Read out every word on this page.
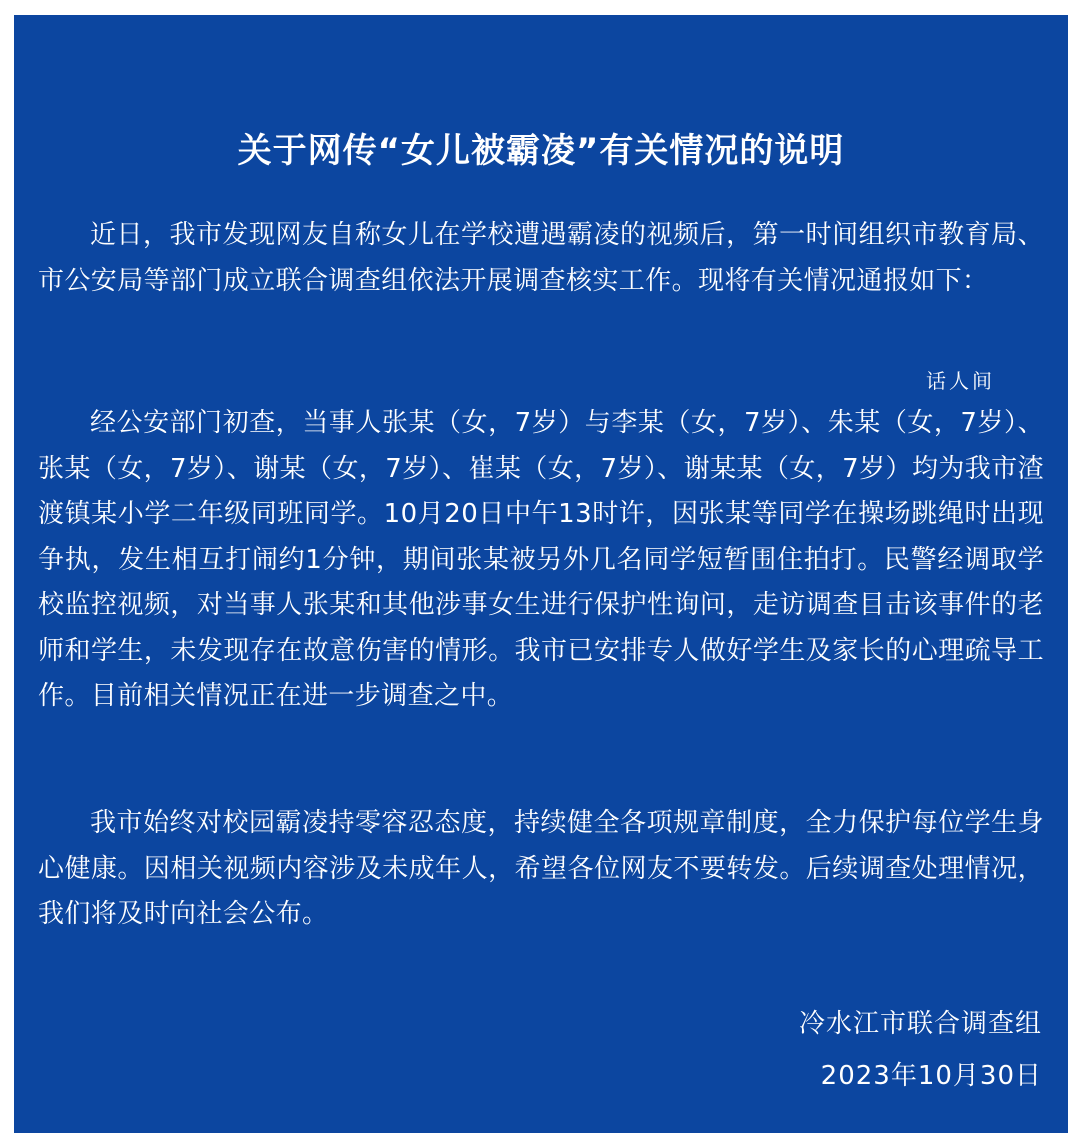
关于网传“女儿被霸凌”有关情况的说明

近日，我市发现网友自称女儿在学校遭遇霸凌的视频后，第一时间组织市教育局、市公安局等部门成立联合调查组依法开展调查核实工作。现将有关情况通报如下：

话人间

经公安部门初查，当事人张某（女，7岁）与李某（女，7岁）、朱某（女，7岁）、张某（女，7岁）、谢某（女，7岁）、崔某（女，7岁）、谢某某（女，7岁）均为我市渣渡镇某小学二年级同班同学。10月20日中午13时许，因张某等同学在操场跳绳时出现争执，发生相互打闹约1分钟，期间张某被另外几名同学短暂围住拍打。民警经调取学校监控视频，对当事人张某和其他涉事女生进行保护性询问，走访调查目击该事件的老师和学生，未发现存在故意伤害的情形。我市已安排专人做好学生及家长的心理疏导工作。目前相关情况正在进一步调查之中。

我市始终对校园霸凌持零容忍态度，持续健全各项规章制度，全力保护每位学生身心健康。因相关视频内容涉及未成年人，希望各位网友不要转发。后续调查处理情况，我们将及时向社会公布。

冷水江市联合调查组
2023年10月30日
